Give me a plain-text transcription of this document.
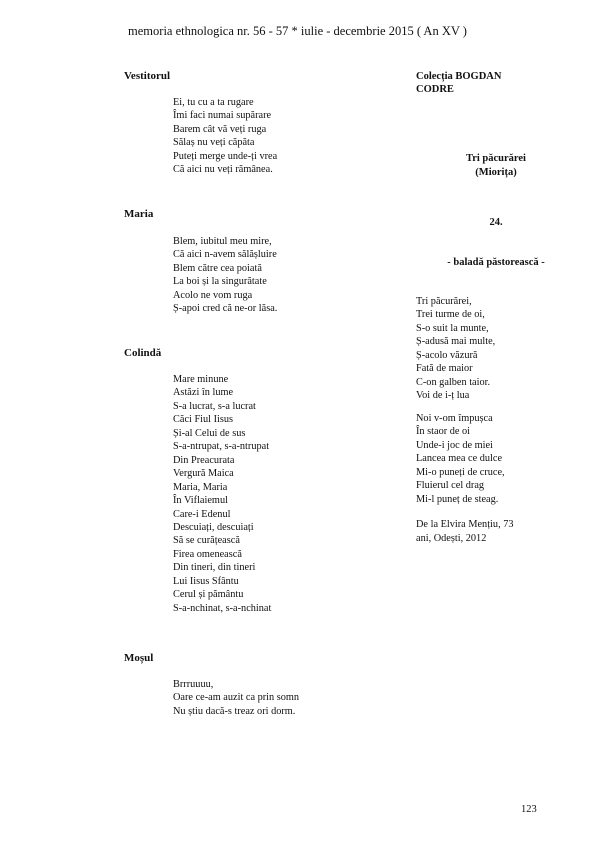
memoria ethnologica nr. 56 - 57 * iulie - decembrie 2015 ( An XV )

Vestitorul

Ei, tu cu a ta rugare
Îmi faci numai supărare
Barem cât vă veți ruga
Sălaș nu veți căpăta
Puteți merge unde-ți vrea
Că aici nu veți rămânea.

Maria

Blem, iubitul meu mire,
Că aici n-avem sălășluire
Blem către cea poiată
La boi și la singurătate
Acolo ne vom ruga
Ș-apoi cred că ne-or lăsa.

Colindă

Mare minune
Astăzi în lume
S-a lucrat, s-a lucrat
Căci Fiul Iisus
Și-al Celui de sus
S-a-ntrupat, s-a-ntrupat
Din Preacurata
Vergură Maica
Maria, Maria
În Viflaiemul
Care-i Edenul
Descuiați, descuiați
Să se curățească
Firea omenească
Din tineri, din tineri
Lui Iisus Sfântu
Cerul și pământu
S-a-nchinat, s-a-nchinat

Moșul

Brrruuuu,
Oare ce-am auzit ca prin somn
Nu știu dacă-s treaz ori dorm.
Colecția BOGDAN
CODRE
Tri păcurărei
(Miorița)
24.
- baladă păstorească -
Tri păcurărei,
Trei turme de oi,
S-o suit la munte,
Ș-adusă mai multe,
Ș-acolo văzură
Fată de maior
C-on galben taior.
Voi de i-ț lua
Noi v-om împușca
În staor de oi
Unde-i joc de miei
Lancea mea ce dulce
Mi-o puneți de cruce,
Fluierul cel drag
Mi-l puneț de steag.
De la Elvira Mențiu, 73
ani, Odești, 2012
123
